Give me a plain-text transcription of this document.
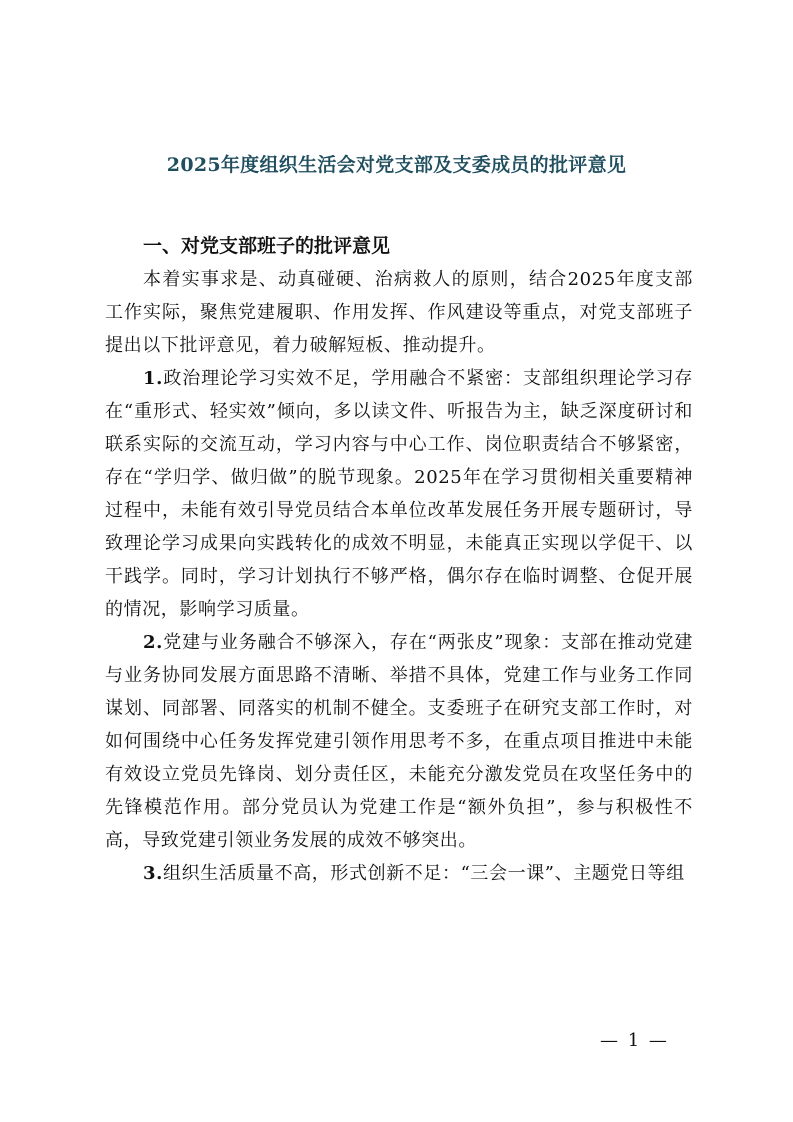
2025年度组织生活会对党支部及支委成员的批评意见

一、对党支部班子的批评意见

本着实事求是、动真碰硬、治病救人的原则，结合2025年度支部工作实际，聚焦党建履职、作用发挥、作风建设等重点，对党支部班子提出以下批评意见，着力破解短板、推动提升。

1.政治理论学习实效不足，学用融合不紧密：支部组织理论学习存在“重形式、轻实效”倾向，多以读文件、听报告为主，缺乏深度研讨和联系实际的交流互动，学习内容与中心工作、岗位职责结合不够紧密，存在“学归学、做归做”的脱节现象。2025年在学习贯彻相关重要精神过程中，未能有效引导党员结合本单位改革发展任务开展专题研讨，导致理论学习成果向实践转化的成效不明显，未能真正实现以学促干、以干践学。同时，学习计划执行不够严格，偶尔存在临时调整、仓促开展的情况，影响学习质量。

2.党建与业务融合不够深入，存在“两张皮”现象：支部在推动党建与业务协同发展方面思路不清晰、举措不具体，党建工作与业务工作同谋划、同部署、同落实的机制不健全。支委班子在研究支部工作时，对如何围绕中心任务发挥党建引领作用思考不多，在重点项目推进中未能有效设立党员先锋岗、划分责任区，未能充分激发党员在攻坚任务中的先锋模范作用。部分党员认为党建工作是“额外负担”，参与积极性不高，导致党建引领业务发展的成效不够突出。

3.组织生活质量不高，形式创新不足：“三会一课”、主题党日等组

— 1 —
